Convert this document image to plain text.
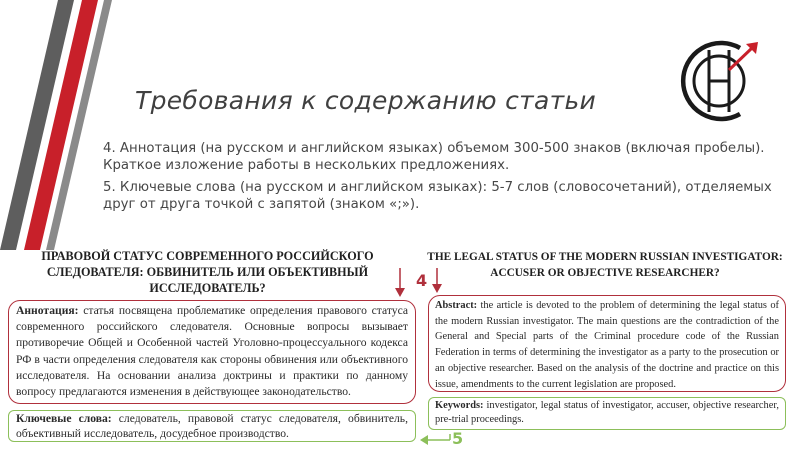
Требования к содержанию статьи

4. Аннотация (на русском и английском языках) объемом 300-500 знаков (включая пробелы). Краткое изложение работы в нескольких предложениях.

5. Ключевые слова (на русском и английском языках): 5-7 слов (словосочетаний), отделяемых друг от друга точкой с запятой (знаком «;»).

ПРАВОВОЙ СТАТУС СОВРЕМЕННОГО РОССИЙСКОГО СЛЕДОВАТЕЛЯ: ОБВИНИТЕЛЬ ИЛИ ОБЪЕКТИВНЫЙ ИССЛЕДОВАТЕЛЬ?
THE LEGAL STATUS OF THE MODERN RUSSIAN INVESTIGATOR: ACCUSER OR OBJECTIVE RESEARCHER?
Аннотация: статья посвящена проблематике определения правового статуса современного российского следователя. Основные вопросы вызывает противоречие Общей и Особенной частей Уголовно-процессуального кодекса РФ в части определения следователя как стороны обвинения или объективного исследователя. На основании анализа доктрины и практики по данному вопросу предлагаются изменения в действующее законодательство.
Ключевые слова: следователь, правовой статус следователя, обвинитель, объективный исследователь, досудебное производство.
Abstract: the article is devoted to the problem of determining the legal status of the modern Russian investigator. The main questions are the contradiction of the General and Special parts of the Criminal procedure code of the Russian Federation in terms of determining the investigator as a party to the prosecution or an objective researcher. Based on the analysis of the doctrine and practice on this issue, amendments to the current legislation are proposed.
Keywords: investigator, legal status of investigator, accuser, objective researcher, pre-trial proceedings.
4
5
